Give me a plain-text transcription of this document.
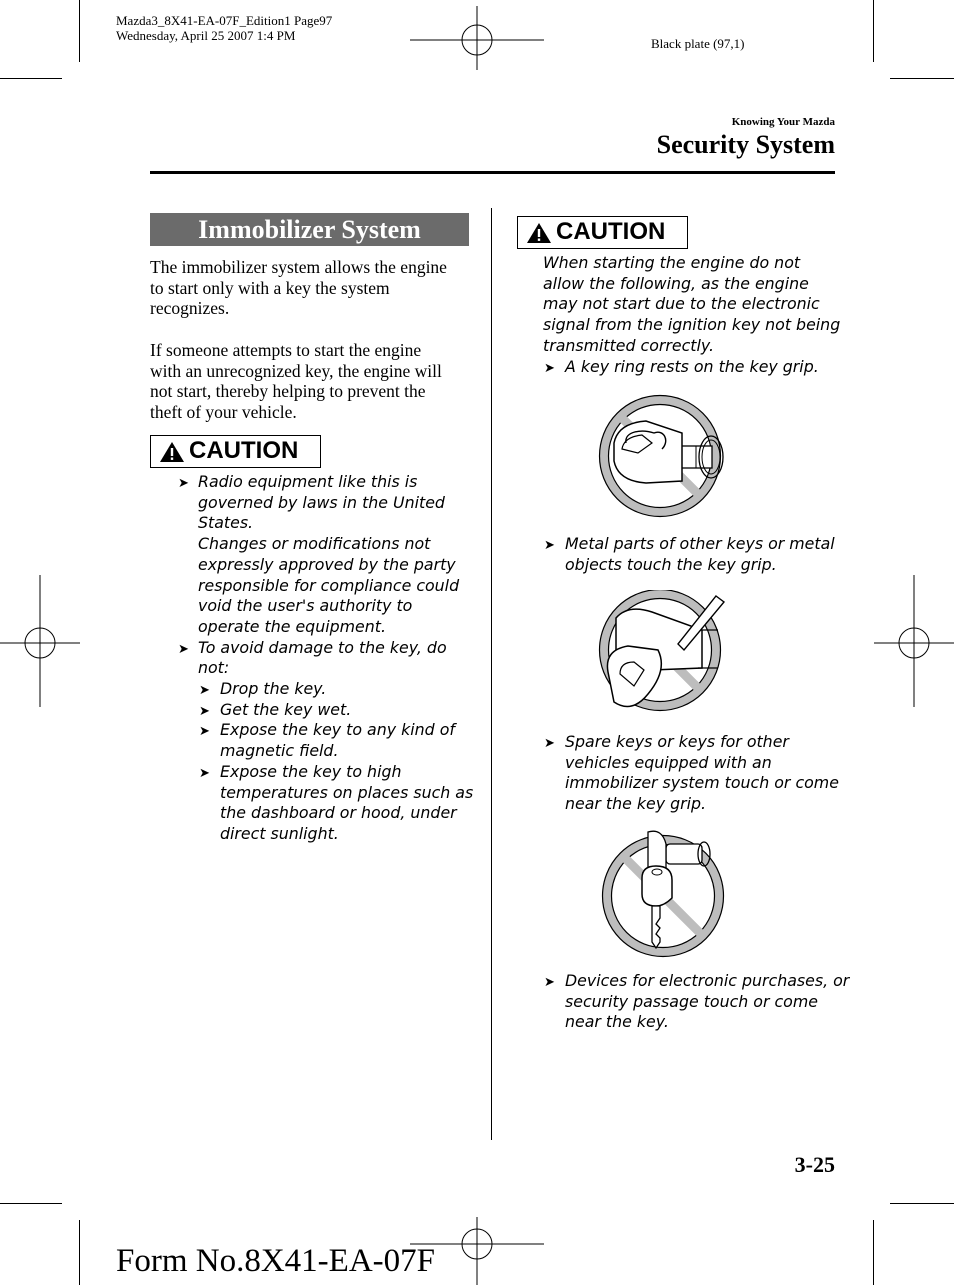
Mazda3_8X41-EA-07F_Edition1 Page97
Wednesday, April 25 2007 1:4 PM
Black plate (97,1)
Knowing Your Mazda
Security System
Immobilizer System
The immobilizer system allows the engine
to start only with a key the system
recognizes.
If someone attempts to start the engine
with an unrecognized key, the engine will
not start, thereby helping to prevent the
theft of your vehicle.
CAUTION
➤ Radio equipment like this is
governed by laws in the United
States.
Changes or modifications not
expressly approved by the party
responsible for compliance could
void the user's authority to
operate the equipment.
➤ To avoid damage to the key, do
not:
➤ Drop the key.
➤ Get the key wet.
➤ Expose the key to any kind of
magnetic field.
➤ Expose the key to high
temperatures on places such as
the dashboard or hood, under
direct sunlight.
CAUTION
When starting the engine do not
allow the following, as the engine
may not start due to the electronic
signal from the ignition key not being
transmitted correctly.
➤ A key ring rests on the key grip.
➤ Metal parts of other keys or metal
objects touch the key grip.
➤ Spare keys or keys for other
vehicles equipped with an
immobilizer system touch or come
near the key grip.
➤ Devices for electronic purchases, or
security passage touch or come
near the key.
3-25
Form No.8X41-EA-07F
